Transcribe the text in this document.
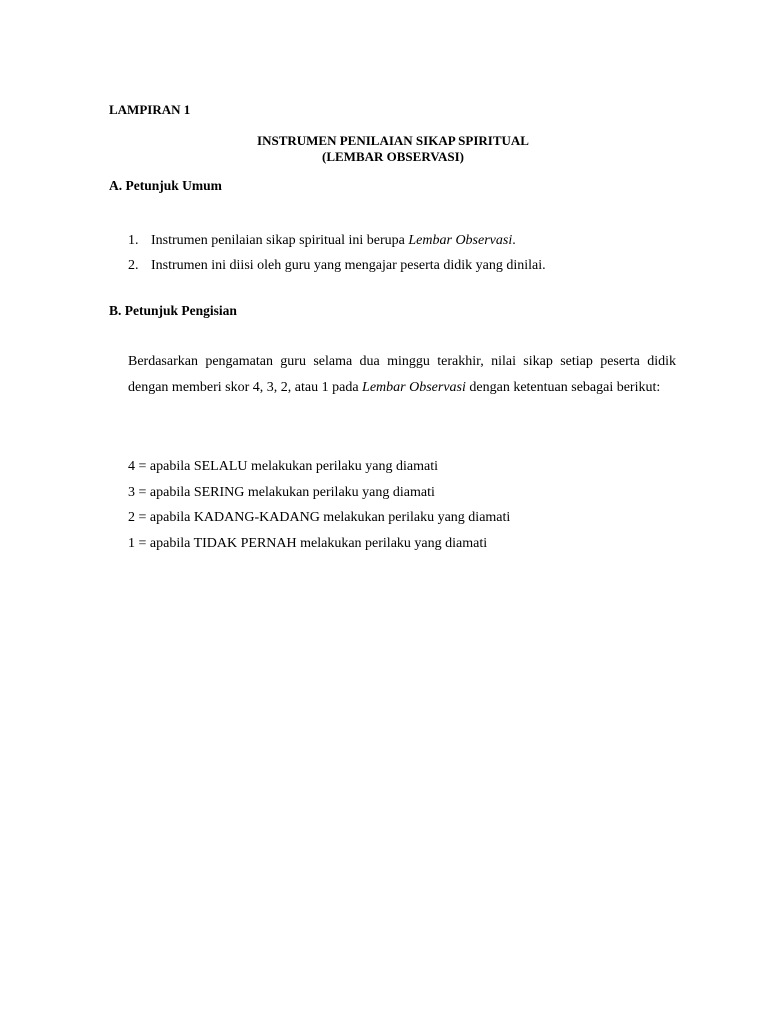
LAMPIRAN 1

INSTRUMEN PENILAIAN SIKAP SPIRITUAL
(LEMBAR OBSERVASI)
A. Petunjuk Umum
1. Instrumen penilaian sikap spiritual ini berupa Lembar Observasi.
2. Instrumen ini diisi oleh guru yang mengajar peserta didik yang dinilai.
B. Petunjuk Pengisian

Berdasarkan pengamatan guru selama dua minggu terakhir, nilai sikap setiap peserta didik dengan memberi skor 4, 3, 2, atau 1 pada Lembar Observasi dengan ketentuan sebagai berikut:

4 = apabila SELALU melakukan perilaku yang diamati
3 = apabila SERING melakukan perilaku yang diamati
2 = apabila KADANG-KADANG melakukan perilaku yang diamati
1 = apabila TIDAK PERNAH melakukan perilaku yang diamati
